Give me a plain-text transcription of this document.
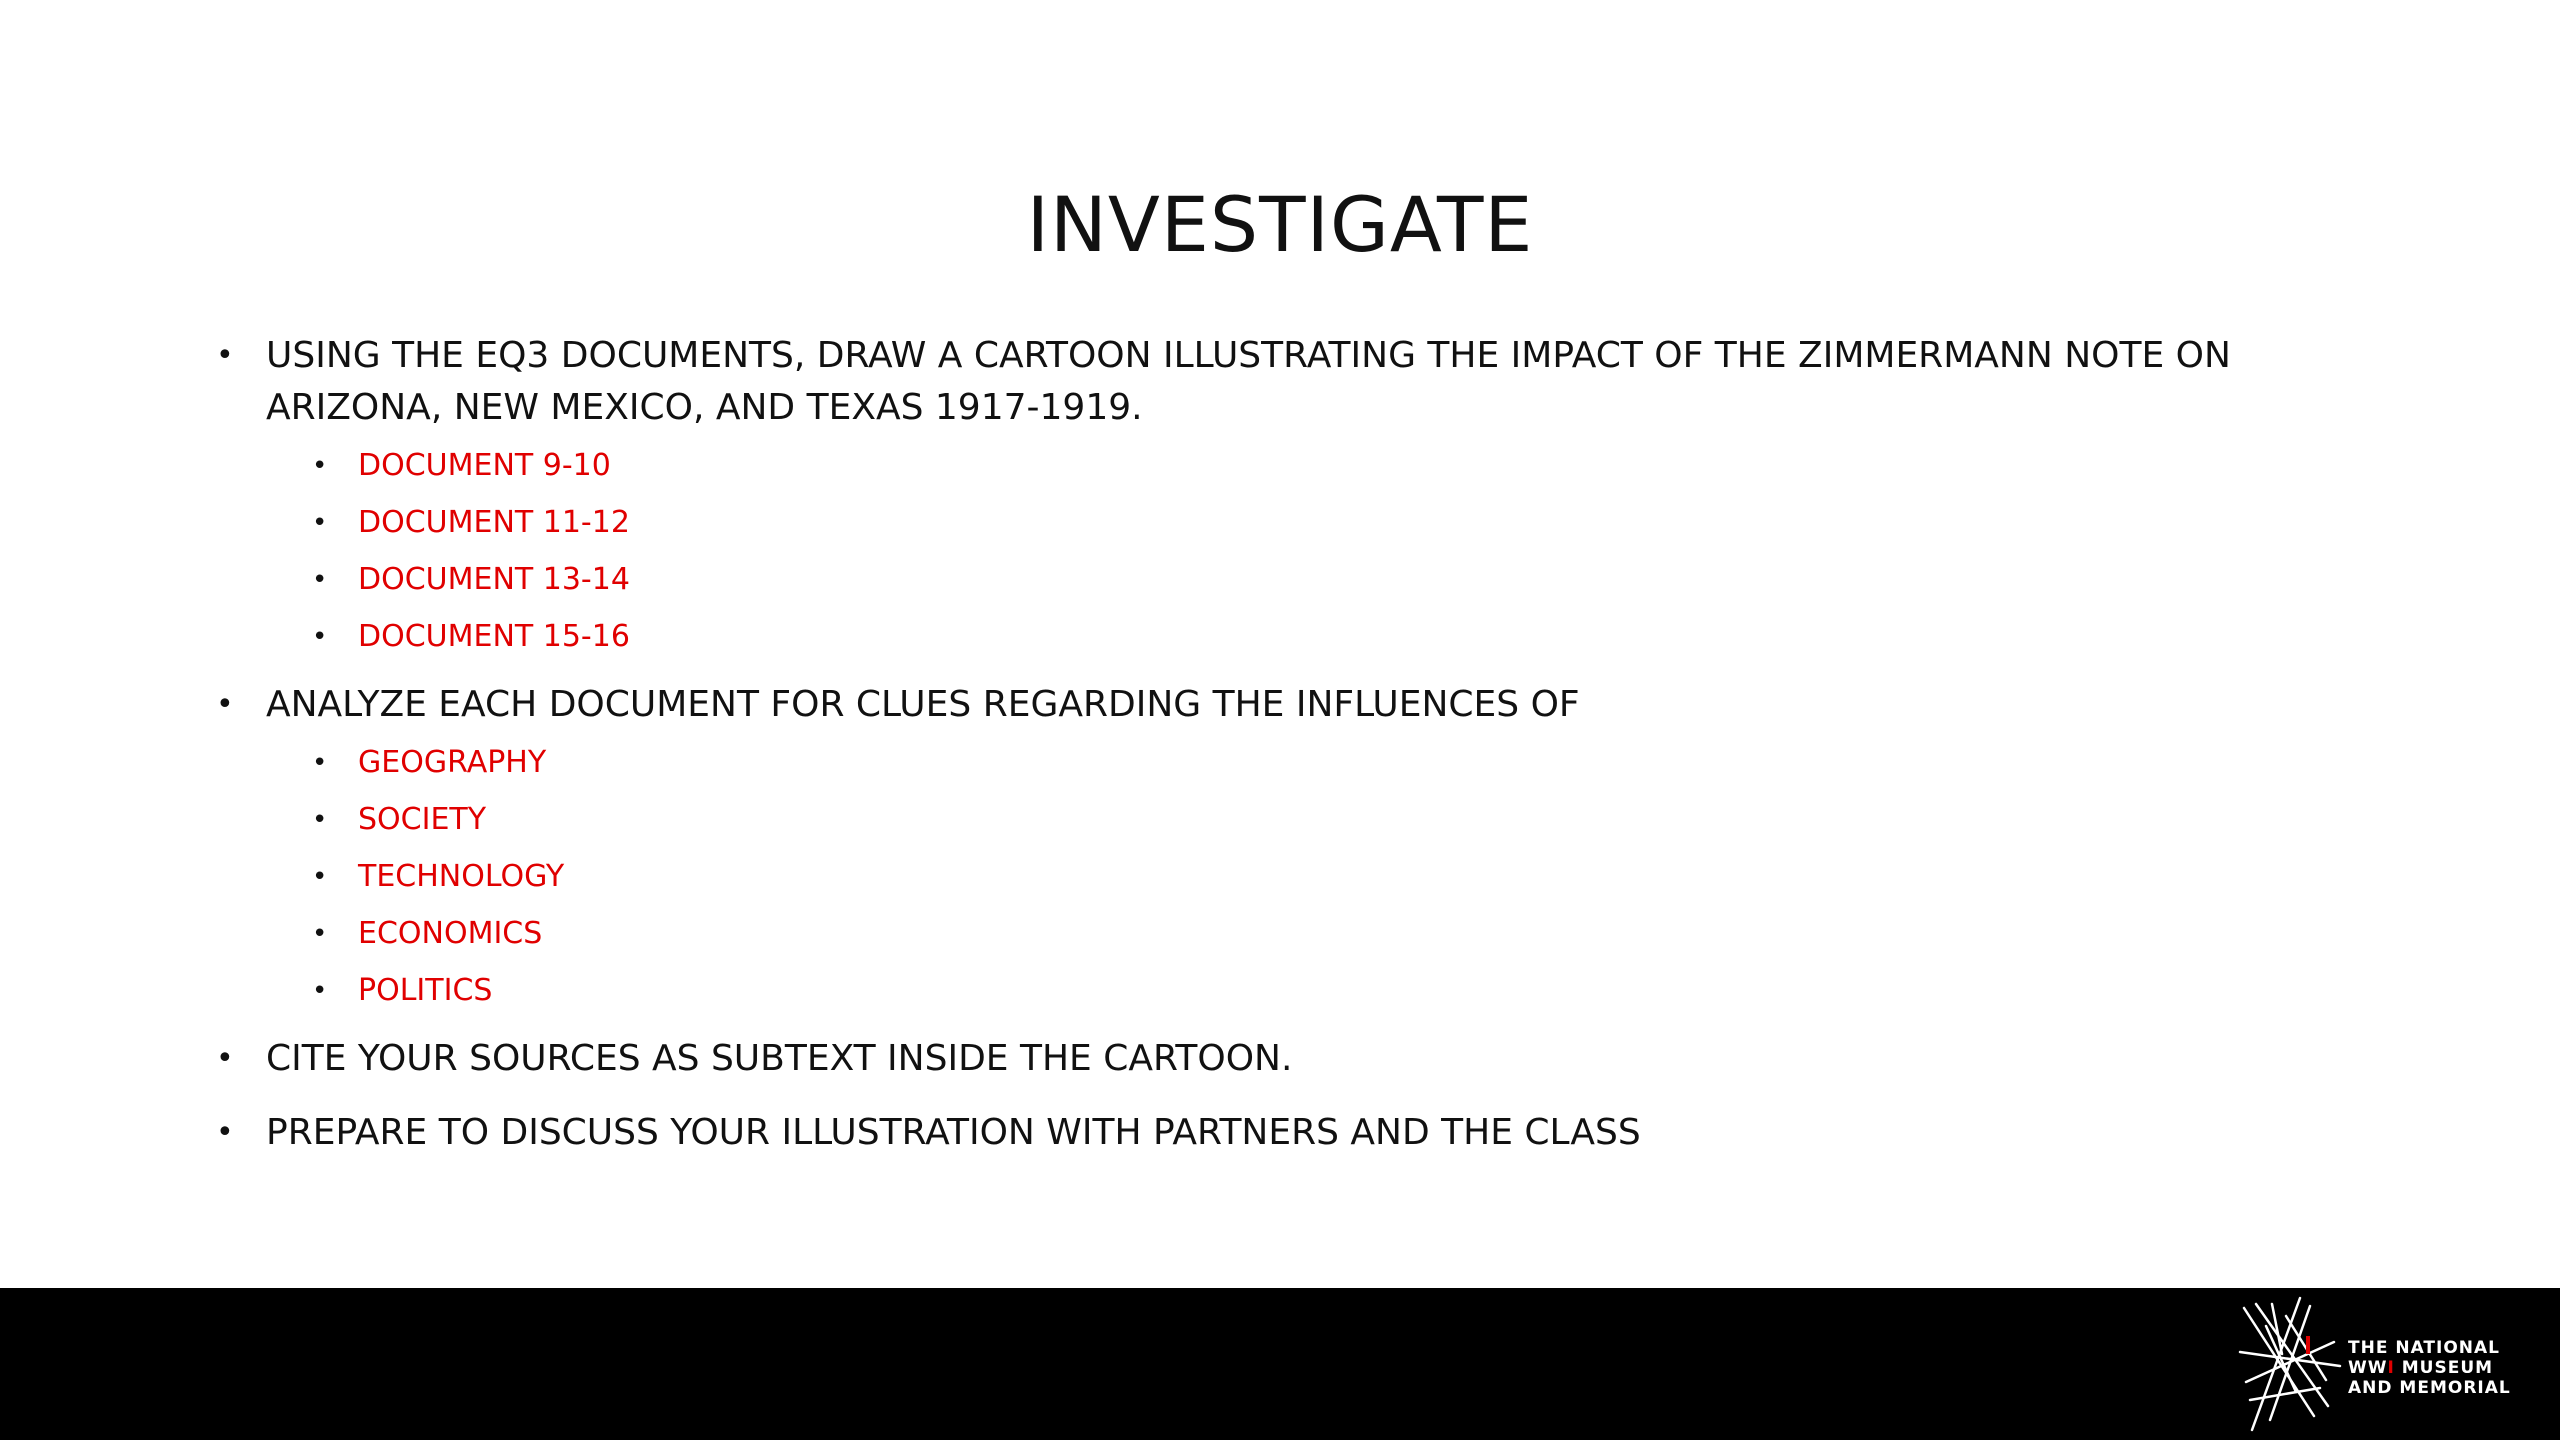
INVESTIGATE
• USING THE EQ3 DOCUMENTS, DRAW A CARTOON ILLUSTRATING THE IMPACT OF THE ZIMMERMANN NOTE ON ARIZONA, NEW MEXICO, AND TEXAS 1917-1919.
• DOCUMENT 9-10
• DOCUMENT 11-12
• DOCUMENT 13-14
• DOCUMENT 15-16
• ANALYZE EACH DOCUMENT FOR CLUES REGARDING THE INFLUENCES OF
• GEOGRAPHY
• SOCIETY
• TECHNOLOGY
• ECONOMICS
• POLITICS
• CITE YOUR SOURCES AS SUBTEXT INSIDE THE CARTOON.
• PREPARE TO DISCUSS YOUR ILLUSTRATION WITH PARTNERS AND THE CLASS
THE NATIONAL
WWI MUSEUM
AND MEMORIAL
